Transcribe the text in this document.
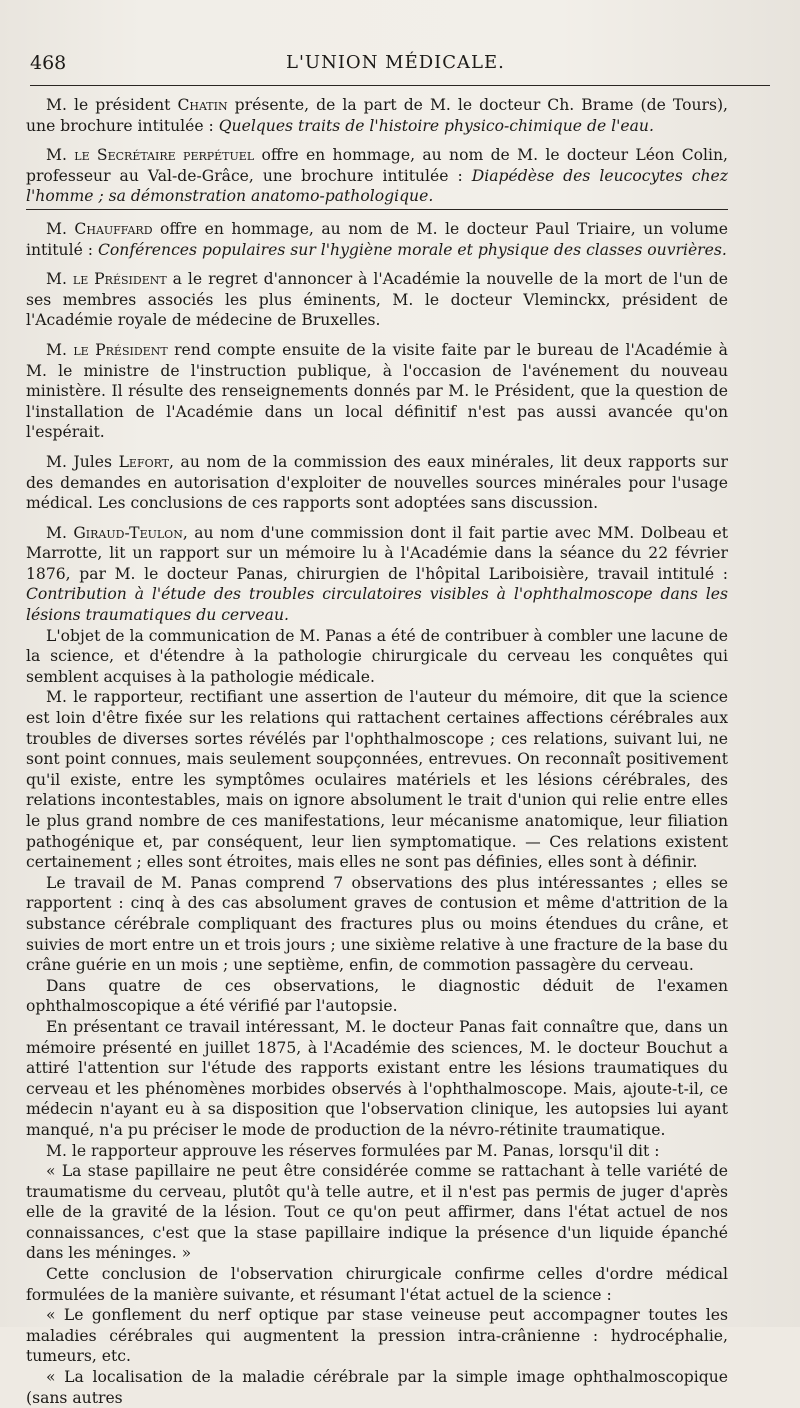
468	L'UNION MÉDICALE.

M. le président Chatin présente, de la part de M. le docteur Ch. Brame (de Tours), une brochure intitulée : Quelques traits de l'histoire physico-chimique de l'eau.

M. le Secrétaire perpétuel offre en hommage, au nom de M. le docteur Léon Colin, professeur au Val-de-Grâce, une brochure intitulée : Diapédèse des leucocytes chez l'homme ; sa démonstration anatomo-pathologique.

M. Chauffard offre en hommage, au nom de M. le docteur Paul Triaire, un volume intitulé : Conférences populaires sur l'hygiène morale et physique des classes ouvrières.

M. le Président a le regret d'annoncer à l'Académie la nouvelle de la mort de l'un de ses membres associés les plus éminents, M. le docteur Vleminckx, président de l'Académie royale de médecine de Bruxelles.

M. le Président rend compte ensuite de la visite faite par le bureau de l'Académie à M. le ministre de l'instruction publique, à l'occasion de l'avénement du nouveau ministère. Il résulte des renseignements donnés par M. le Président, que la question de l'installation de l'Académie dans un local définitif n'est pas aussi avancée qu'on l'espérait.

M. Jules Lefort, au nom de la commission des eaux minérales, lit deux rapports sur des demandes en autorisation d'exploiter de nouvelles sources minérales pour l'usage médical. Les conclusions de ces rapports sont adoptées sans discussion.

M. Giraud-Teulon, au nom d'une commission dont il fait partie avec MM. Dolbeau et Marrotte, lit un rapport sur un mémoire lu à l'Académie dans la séance du 22 février 1876, par M. le docteur Panas, chirurgien de l'hôpital Lariboisière, travail intitulé : Contribution à l'étude des troubles circulatoires visibles à l'ophthalmoscope dans les lésions traumatiques du cerveau.

L'objet de la communication de M. Panas a été de contribuer à combler une lacune de la science, et d'étendre à la pathologie chirurgicale du cerveau les conquêtes qui semblent acquises à la pathologie médicale.

M. le rapporteur, rectifiant une assertion de l'auteur du mémoire, dit que la science est loin d'être fixée sur les relations qui rattachent certaines affections cérébrales aux troubles de diverses sortes révélés par l'ophthalmoscope ; ces relations, suivant lui, ne sont point connues, mais seulement soupçonnées, entrevues. On reconnaît positivement qu'il existe, entre les symptômes oculaires matériels et les lésions cérébrales, des relations incontestables, mais on ignore absolument le trait d'union qui relie entre elles le plus grand nombre de ces manifestations, leur mécanisme anatomique, leur filiation pathogénique et, par conséquent, leur lien symptomatique. — Ces relations existent certainement ; elles sont étroites, mais elles ne sont pas définies, elles sont à définir.

Le travail de M. Panas comprend 7 observations des plus intéressantes ; elles se rapportent : cinq à des cas absolument graves de contusion et même d'attrition de la substance cérébrale compliquant des fractures plus ou moins étendues du crâne, et suivies de mort entre un et trois jours ; une sixième relative à une fracture de la base du crâne guérie en un mois ; une septième, enfin, de commotion passagère du cerveau.

Dans quatre de ces observations, le diagnostic déduit de l'examen ophthalmoscopique a été vérifié par l'autopsie.

En présentant ce travail intéressant, M. le docteur Panas fait connaître que, dans un mémoire présenté en juillet 1875, à l'Académie des sciences, M. le docteur Bouchut a attiré l'attention sur l'étude des rapports existant entre les lésions traumatiques du cerveau et les phénomènes morbides observés à l'ophthalmoscope. Mais, ajoute-t-il, ce médecin n'ayant eu à sa disposition que l'observation clinique, les autopsies lui ayant manqué, n'a pu préciser le mode de production de la névro-rétinite traumatique.

M. le rapporteur approuve les réserves formulées par M. Panas, lorsqu'il dit :

« La stase papillaire ne peut être considérée comme se rattachant à telle variété de traumatisme du cerveau, plutôt qu'à telle autre, et il n'est pas permis de juger d'après elle de la gravité de la lésion. Tout ce qu'on peut affirmer, dans l'état actuel de nos connaissances, c'est que la stase papillaire indique la présence d'un liquide épanché dans les méninges. »

Cette conclusion de l'observation chirurgicale confirme celles d'ordre médical formulées de la manière suivante, et résumant l'état actuel de la science :

« Le gonflement du nerf optique par stase veineuse peut accompagner toutes les maladies cérébrales qui augmentent la pression intra-crânienne : hydrocéphalie, tumeurs, etc.

« La localisation de la maladie cérébrale par la simple image ophthalmoscopique (sans autres
